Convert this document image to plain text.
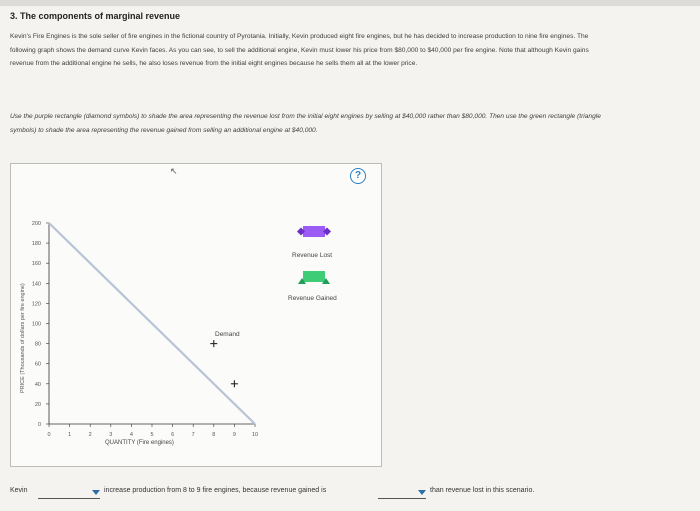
3. The components of marginal revenue

Kevin's Fire Engines is the sole seller of fire engines in the fictional country of Pyrotania. Initially, Kevin produced eight fire engines, but he has decided to increase production to nine fire engines. The following graph shows the demand curve Kevin faces. As you can see, to sell the additional engine, Kevin must lower his price from $80,000 to $40,000 per fire engine. Note that although Kevin gains revenue from the additional engine he sells, he also loses revenue from the initial eight engines because he sells them all at the lower price.

Use the purple rectangle (diamond symbols) to shade the area representing the revenue lost from the initial eight engines by selling at $40,000 rather than $80,000. Then use the green rectangle (triangle symbols) to shade the area representing the revenue gained from selling an additional engine at $40,000.

↖	?
PRICE (Thousands of dollars per fire engine)
QUANTITY (Fire engines)
Demand
Revenue Lost
Revenue Gained
0
20
40
60
80
100
120
140
160
180
200
0	1	2	3	4	5	6	7	8	9	10
Kevin	increase production from 8 to 9 fire engines, because revenue gained is	than revenue lost in this scenario.
